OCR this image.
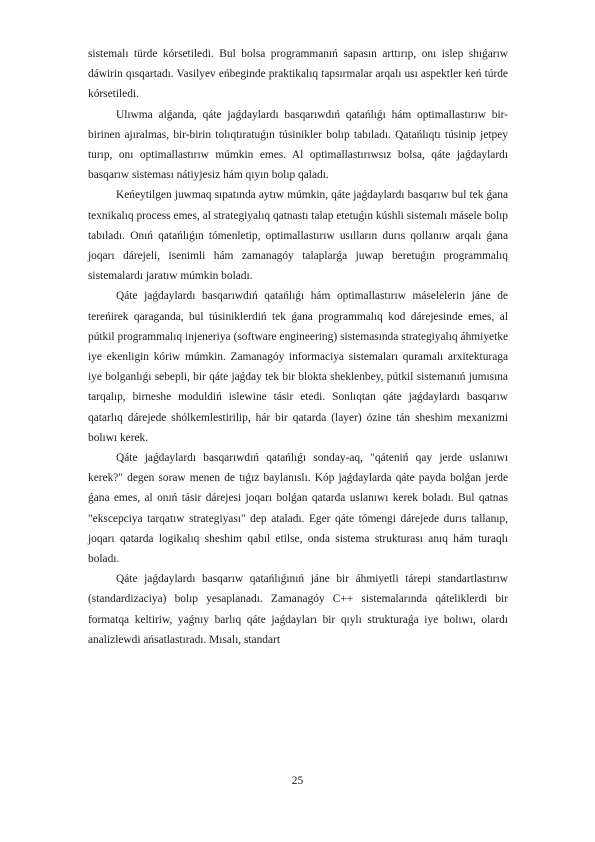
sistemalı türde kórsetiledi. Bul bolsa programmanıń sapasın arttırıp, onı islep shıǵarıw dáwirin qısqartadı. Vasilyev eńbeginde praktikalıq tapsırmalar arqalı usı aspektler keń túrde kórsetiledi.

Ulıwma alǵanda, qáte jaǵdaylardı basqarıwdıń qatańlıǵı hám optimallastırıw bir-birinen ajıralmas, bir-birin tolıqtıratuǵın túsinikler bolıp tabıladı. Qatańlıqtı túsinip jetpey turıp, onı optimallastırıw múmkin emes. Al optimallastırıwsız bolsa, qáte jaǵdaylardı basqarıw sisteması nátiyjesiz hám qıyın bolıp qaladı.

Keńeytilgen juwmaq sıpatında aytıw múmkin, qáte jaǵdaylardı basqarıw bul tek ǵana texnikalıq process emes, al strategiyalıq qatnastı talap etetuǵın kúshli sistemalı másele bolıp tabıladı. Onıń qatańlıǵın tómenletip, optimallastırıw usılların durıs qollanıw arqalı ǵana joqarı dárejeli, isenimli hám zamanagóy talaplarǵa juwap beretuǵın programmalıq sistemalardı jaratıw múmkin boladı.

Qáte jaǵdaylardı basqarıwdıń qatańlıǵı hám optimallastırıw máselelerin jáne de tereńirek qaraganda, bul túsiniklerdiń tek ǵana programmalıq kod dárejesinde emes, al pútkil programmalıq injeneriya (software engineering) sistemasında strategiyalıq áhmiyetke iye ekenligin kóriw múmkin. Zamanagóy informaciya sistemaları quramalı arxitekturaga iye bolganlıǵı sebepli, bir qáte jaǵday tek bir blokta sheklenbey, pútkil sistemanıń jumısına tarqalıp, birneshe moduldiń islewine tásir etedi. Sonlıqtan qáte jaǵdaylardı basqarıw qatarlıq dárejede shólkemlestirilip, hár bir qatarda (layer) ózine tán sheshim mexanizmi bolıwı kerek.

Qáte jaǵdaylardı basqarıwdıń qatańlıǵı sonday-aq, "qáteniń qay jerde uslanıwı kerek?" degen soraw menen de tıǵız baylanıslı. Kóp jaǵdaylarda qáte payda bolǵan jerde ǵana emes, al onıń tásir dárejesi joqarı bolǵan qatarda uslanıwı kerek boladı. Bul qatnas "ekscepciya tarqatıw strategiyası" dep ataladı. Eger qáte tómengi dárejede durıs tallanıp, joqarı qatarda logikalıq sheshim qabıl etilse, onda sistema strukturası anıq hám turaqlı boladı.

Qáte jaǵdaylardı basqarıw qatańlıǵınıń jáne bir áhmiyetli tárepi standartlastırıw (standardizaciya) bolıp yesaplanadı. Zamanagóy C++ sistemalarında qáteliklerdi bir formatqa keltiriw, yaǵnıy barlıq qáte jaǵdayları bir qıylı strukturaǵa iye bolıwı, olardı analizlewdi ańsatlastıradı. Mısalı, standart

25
